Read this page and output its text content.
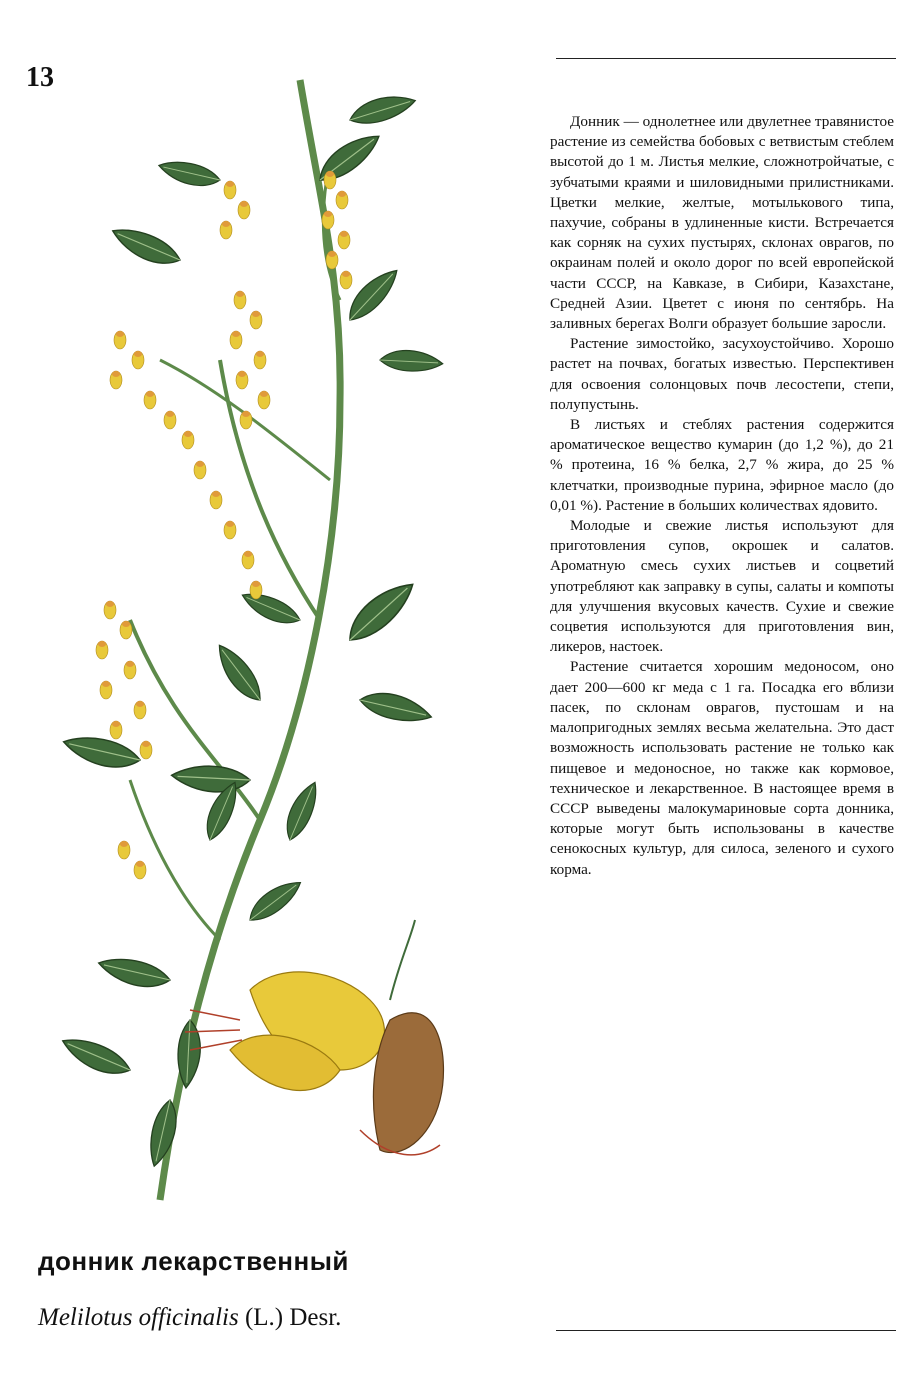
13

Донник — однолетнее или двулетнее травянистое растение из семейства бобовых с ветвистым стеблем высотой до 1 м. Листья мелкие, сложнотройчатые, с зубчатыми краями и шиловидными прилистниками. Цветки мелкие, желтые, мотылькового типа, пахучие, собраны в удлиненные кисти. Встречается как сорняк на сухих пустырях, склонах оврагов, по окраинам полей и около дорог по всей европейской части СССР, на Кавказе, в Сибири, Казахстане, Средней Азии. Цветет с июня по сентябрь. На заливных берегах Волги образует большие заросли.

Растение зимостойко, засухоустойчиво. Хорошо растет на почвах, богатых известью. Перспективен для освоения солонцовых почв лесостепи, степи, полупустынь.

В листьях и стеблях растения содержится ароматическое вещество кумарин (до 1,2 %), до 21 % протеина, 16 % белка, 2,7 % жира, до 25 % клетчатки, производные пурина, эфирное масло (до 0,01 %). Растение в больших количествах ядовито.

Молодые и свежие листья используют для приготовления супов, окрошек и салатов. Ароматную смесь сухих листьев и соцветий употребляют как заправку в супы, салаты и компоты для улучшения вкусовых качеств. Сухие и свежие соцветия используются для приготовления вин, ликеров, настоек.

Растение считается хорошим медоносом, оно дает 200—600 кг меда с 1 га. Посадка его вблизи пасек, по склонам оврагов, пустошам и на малопригодных землях весьма желательна. Это даст возможность использовать растение не только как пищевое и медоносное, но также как кормовое, техническое и лекарственное. В настоящее время в СССР выведены малокумариновые сорта донника, которые могут быть использованы в качестве сенокосных культур, для силоса, зеленого и сухого корма.

донник лекарственный
Melilotus officinalis (L.) Desr.
